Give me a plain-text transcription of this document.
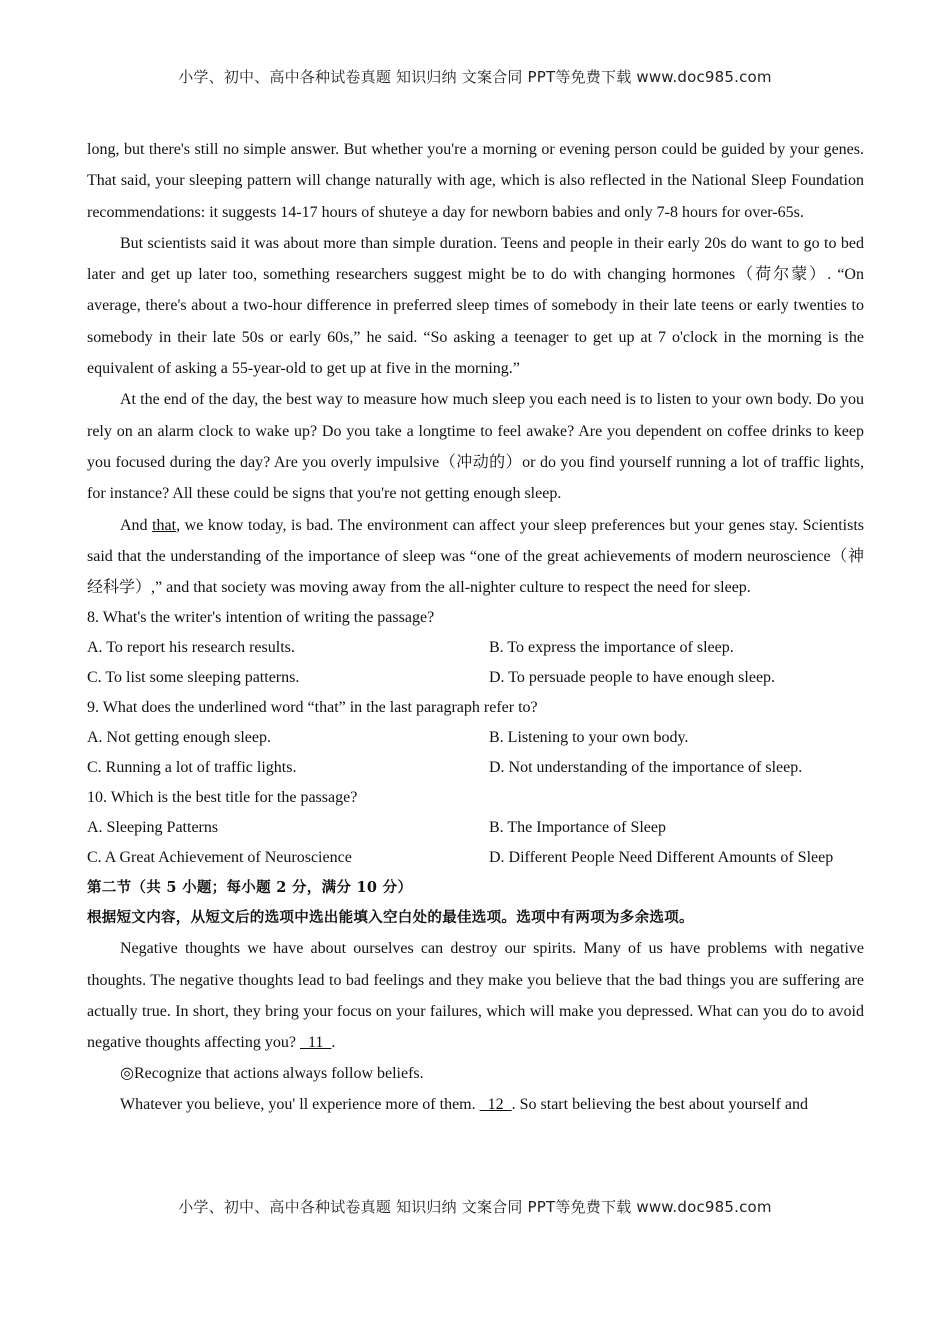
小学、初中、高中各种试卷真题 知识归纳 文案合同 PPT等免费下载 www.doc985.com

long, but there's still no simple answer. But whether you're a morning or evening person could be guided by your genes. That said, your sleeping pattern will change naturally with age, which is also reflected in the National Sleep Foundation recommendations: it suggests 14-17 hours of shuteye a day for newborn babies and only 7-8 hours for over-65s.

But scientists said it was about more than simple duration. Teens and people in their early 20s do want to go to bed later and get up later too, something researchers suggest might be to do with changing hormones（荷尔蒙）. “On average, there's about a two-hour difference in preferred sleep times of somebody in their late teens or early twenties to somebody in their late 50s or early 60s,” he said. “So asking a teenager to get up at 7 o'clock in the morning is the equivalent of asking a 55-year-old to get up at five in the morning.”

At the end of the day, the best way to measure how much sleep you each need is to listen to your own body. Do you rely on an alarm clock to wake up? Do you take a longtime to feel awake? Are you dependent on coffee drinks to keep you focused during the day? Are you overly impulsive（冲动的）or do you find yourself running a lot of traffic lights, for instance? All these could be signs that you're not getting enough sleep.

And that, we know today, is bad. The environment can affect your sleep preferences but your genes stay. Scientists said that the understanding of the importance of sleep was “one of the great achievements of modern neuroscience（神经科学）,” and that society was moving away from the all-nighter culture to respect the need for sleep.

8. What's the writer's intention of writing the passage?

A. To report his research results.	B. To express the importance of sleep.
C. To list some sleeping patterns.	D. To persuade people to have enough sleep.

9. What does the underlined word “that” in the last paragraph refer to?

A. Not getting enough sleep.	B. Listening to your own body.
C. Running a lot of traffic lights.	D. Not understanding of the importance of sleep.

10. Which is the best title for the passage?

A. Sleeping Patterns	B. The Importance of Sleep
C. A Great Achievement of Neuroscience	D. Different People Need Different Amounts of Sleep

第二节（共 5 小题；每小题 2 分，满分 10 分）

根据短文内容，从短文后的选项中选出能填入空白处的最佳选项。选项中有两项为多余选项。

Negative thoughts we have about ourselves can destroy our spirits. Many of us have problems with negative thoughts. The negative thoughts lead to bad feelings and they make you believe that the bad things you are suffering are actually true. In short, they bring your focus on your failures, which will make you depressed. What can you do to avoid negative thoughts affecting you?   11  .

◎Recognize that actions always follow beliefs.

Whatever you believe, you' ll experience more of them.   12  . So start believing the best about yourself and

小学、初中、高中各种试卷真题 知识归纳 文案合同 PPT等免费下载 www.doc985.com
